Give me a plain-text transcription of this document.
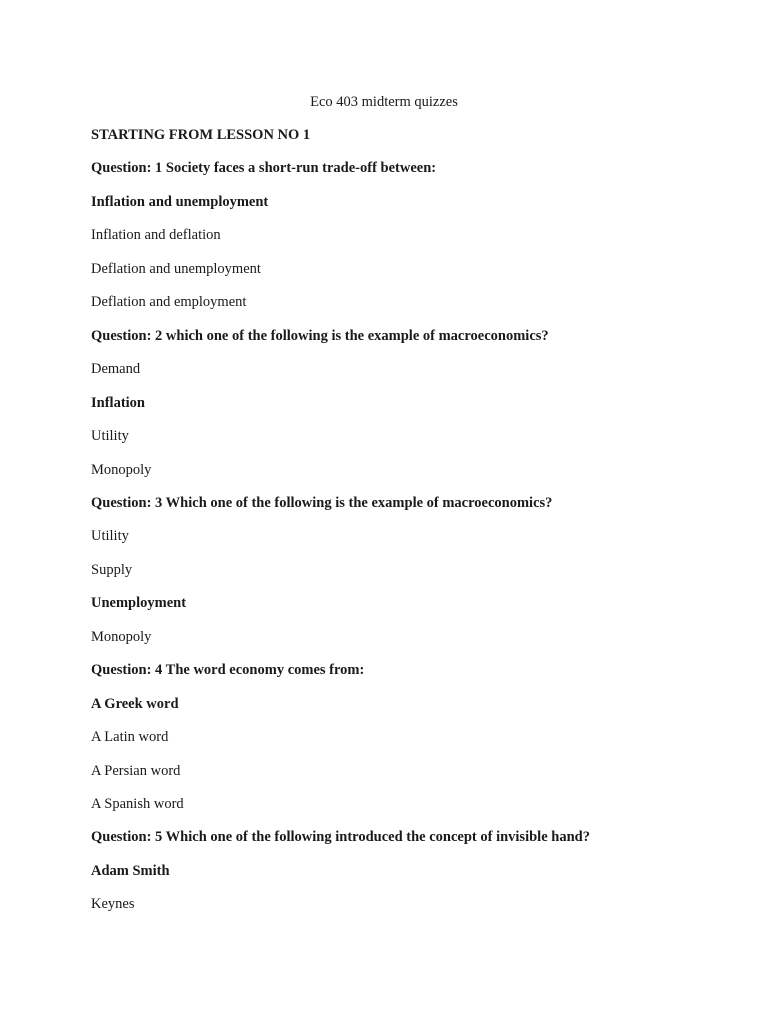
Eco 403 midterm quizzes

STARTING FROM LESSON NO 1

Question: 1 Society faces a short-run trade-off between:

Inflation and unemployment

Inflation and deflation

Deflation and unemployment

Deflation and employment

Question: 2 which one of the following is the example of macroeconomics?

Demand

Inflation

Utility

Monopoly

Question: 3 Which one of the following is the example of macroeconomics?

Utility

Supply

Unemployment

Monopoly

Question: 4 The word economy comes from:

A Greek word

A Latin word

A Persian word

A Spanish word

Question: 5 Which one of the following introduced the concept of invisible hand?

Adam Smith

Keynes
